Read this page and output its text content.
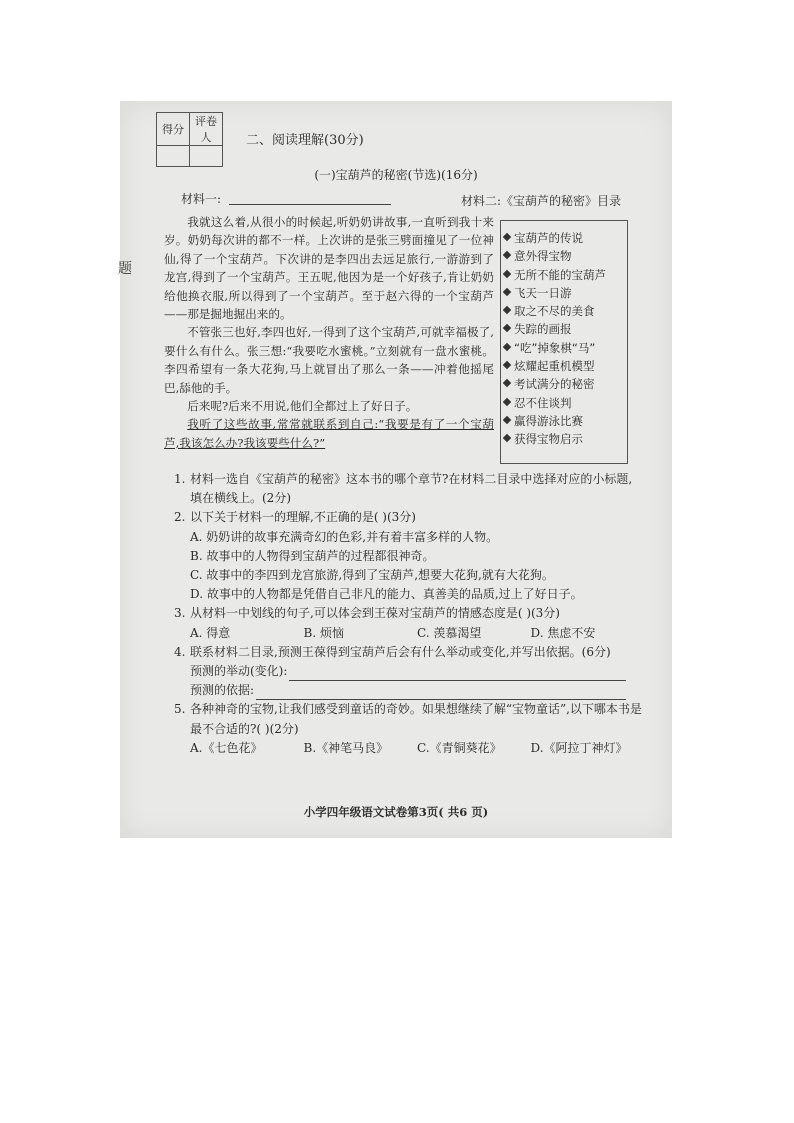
题
得分	评卷人
		二、阅读理解(30分)
(一)宝葫芦的秘密(节选)(16分)
材料一:	材料二:《宝葫芦的秘密》目录

我就这么着,从很小的时候起,听奶奶讲故事,一直听到我十来岁。奶奶每次讲的都不一样。上次讲的是张三劈面撞见了一位神仙,得了一个宝葫芦。下次讲的是李四出去远足旅行,一游游到了龙宫,得到了一个宝葫芦。王五呢,他因为是一个好孩子,肯让奶奶给他换衣服,所以得到了一个宝葫芦。至于赵六得的一个宝葫芦——那是掘地掘出来的。

不管张三也好,李四也好,一得到了这个宝葫芦,可就幸福极了,要什么有什么。张三想:“我要吃水蜜桃。”立刻就有一盘水蜜桃。李四希望有一条大花狗,马上就冒出了那么一条——冲着他摇尾巴,舔他的手。

后来呢?后来不用说,他们全都过上了好日子。

我听了这些故事,常常就联系到自己:“我要是有了一个宝葫芦,我该怎么办?我该要些什么?”

宝葫芦的传说
意外得宝物
无所不能的宝葫芦
飞天一日游
取之不尽的美食
失踪的画报
“吃”掉象棋“马”
炫耀起重机模型
考试满分的秘密
忍不住谈判
赢得游泳比赛
获得宝物启示
1. 材料一选自《宝葫芦的秘密》这本书的哪个章节?在材料二目录中选择对应的小标题,填在横线上。(2分)
2. 以下关于材料一的理解,不正确的是( )(3分)
A. 奶奶讲的故事充满奇幻的色彩,并有着丰富多样的人物。
B. 故事中的人物得到宝葫芦的过程都很神奇。
C. 故事中的李四到龙宫旅游,得到了宝葫芦,想要大花狗,就有大花狗。
D. 故事中的人物都是凭借自己非凡的能力、真善美的品质,过上了好日子。
3. 从材料一中划线的句子,可以体会到王葆对宝葫芦的情感态度是( )(3分)
A. 得意	B. 烦恼	C. 羡慕渴望	D. 焦虑不安
4. 联系材料二目录,预测王葆得到宝葫芦后会有什么举动或变化,并写出依据。(6分)
预测的举动(变化):
预测的依据:
5. 各种神奇的宝物,让我们感受到童话的奇妙。如果想继续了解“宝物童话”,以下哪本书是最不合适的?( )(2分)
A.《七色花》	B.《神笔马良》	C.《青铜葵花》	D.《阿拉丁神灯》
小学四年级语文试卷第3页( 共6 页)
